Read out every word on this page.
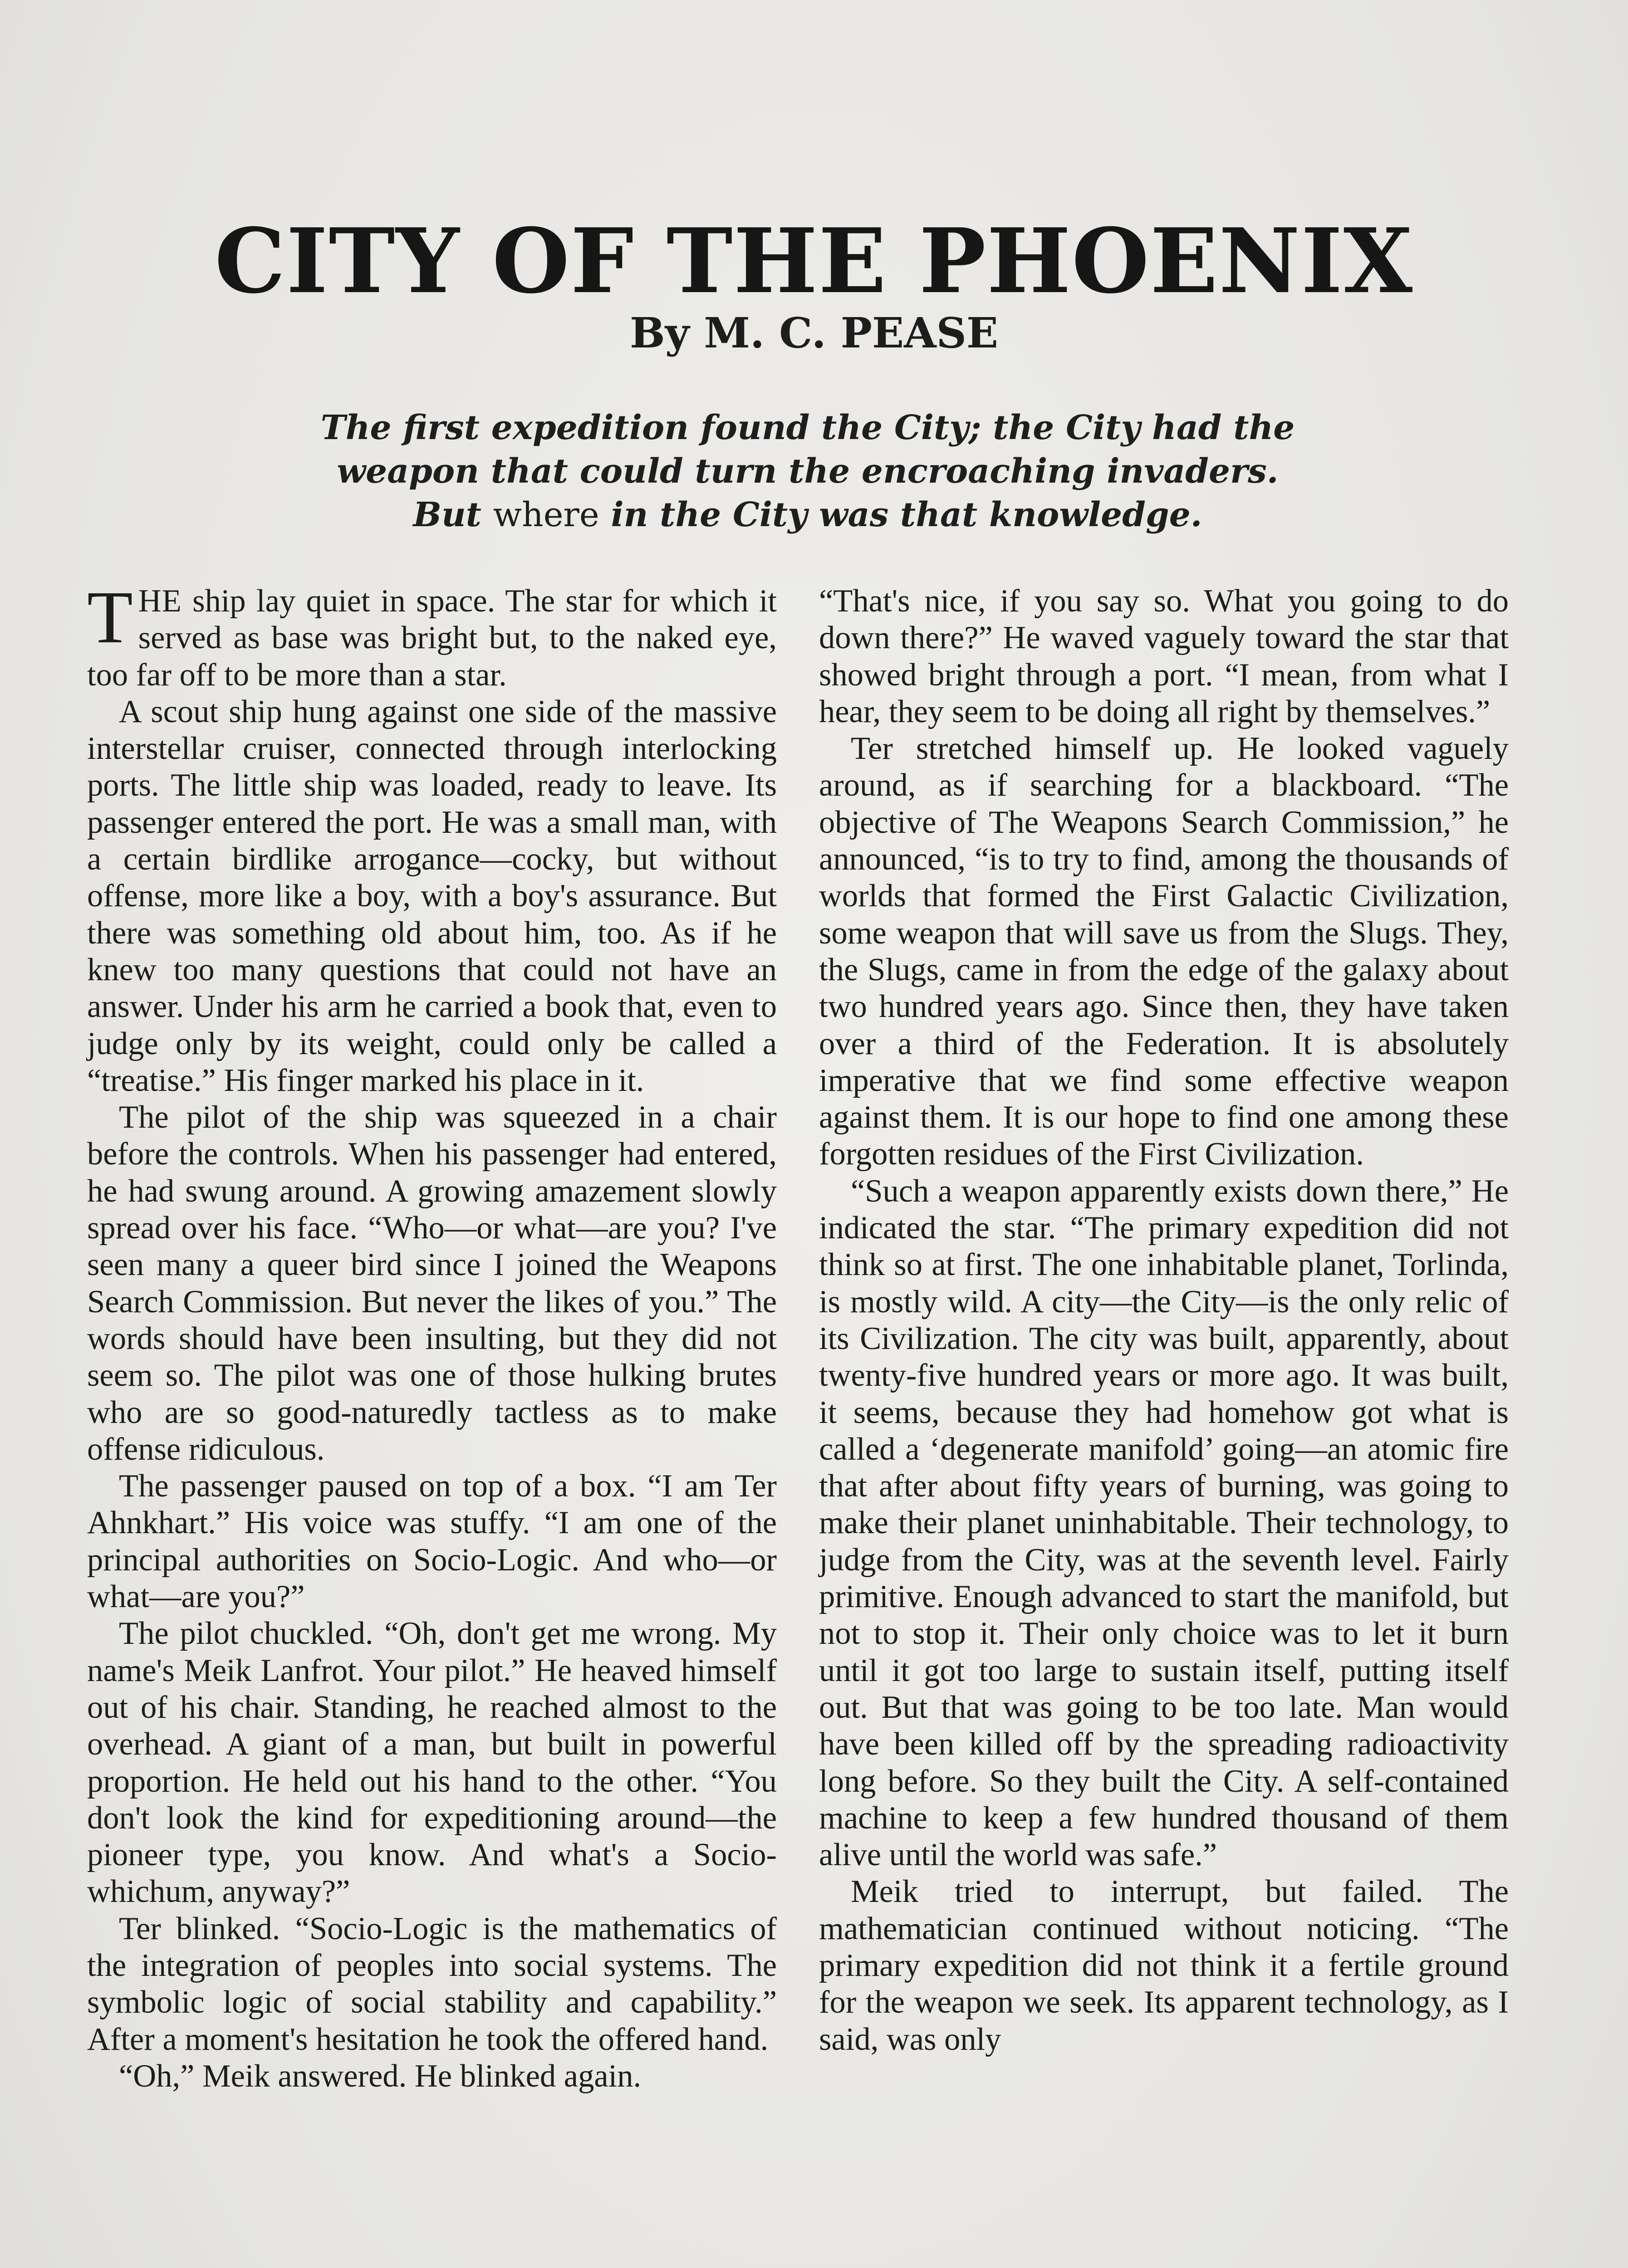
CITY OF THE PHOENIX
By M. C. PEASE
The first expedition found the City; the City had the
weapon that could turn the encroaching invaders.
But where in the City was that knowledge.

THE ship lay quiet in space. The star for which it served as base was bright but, to the naked eye, too far off to be more than a star.

A scout ship hung against one side of the massive interstellar cruiser, connected through interlocking ports. The little ship was loaded, ready to leave. Its passenger entered the port. He was a small man, with a certain birdlike arrogance—cocky, but without offense, more like a boy, with a boy's assurance. But there was something old about him, too. As if he knew too many questions that could not have an answer. Under his arm he carried a book that, even to judge only by its weight, could only be called a “treatise.” His finger marked his place in it.

The pilot of the ship was squeezed in a chair before the controls. When his passenger had entered, he had swung around. A growing amazement slowly spread over his face. “Who—or what—are you? I've seen many a queer bird since I joined the Weapons Search Commission. But never the likes of you.” The words should have been insulting, but they did not seem so. The pilot was one of those hulking brutes who are so good-naturedly tactless as to make offense ridiculous.

The passenger paused on top of a box. “I am Ter Ahnkhart.” His voice was stuffy. “I am one of the principal authorities on Socio-Logic. And who—or what—are you?”

The pilot chuckled. “Oh, don't get me wrong. My name's Meik Lanfrot. Your pilot.” He heaved himself out of his chair. Standing, he reached almost to the overhead. A giant of a man, but built in powerful proportion. He held out his hand to the other. “You don't look the kind for expeditioning around—the pioneer type, you know. And what's a Socio-whichum, anyway?”

Ter blinked. “Socio-Logic is the mathematics of the integration of peoples into social systems. The symbolic logic of social stability and capability.” After a moment's hesitation he took the offered hand.

“Oh,” Meik answered. He blinked again.

“That's nice, if you say so. What you going to do down there?” He waved vaguely toward the star that showed bright through a port. “I mean, from what I hear, they seem to be doing all right by themselves.”

Ter stretched himself up. He looked vaguely around, as if searching for a blackboard. “The objective of The Weapons Search Commission,” he announced, “is to try to find, among the thousands of worlds that formed the First Galactic Civilization, some weapon that will save us from the Slugs. They, the Slugs, came in from the edge of the galaxy about two hundred years ago. Since then, they have taken over a third of the Federation. It is absolutely imperative that we find some effective weapon against them. It is our hope to find one among these forgotten residues of the First Civilization.

“Such a weapon apparently exists down there,” He indicated the star. “The primary expedition did not think so at first. The one inhabitable planet, Torlinda, is mostly wild. A city—the City—is the only relic of its Civilization. The city was built, apparently, about twenty-five hundred years or more ago. It was built, it seems, because they had homehow got what is called a ‘degenerate manifold’ going—an atomic fire that after about fifty years of burning, was going to make their planet uninhabitable. Their technology, to judge from the City, was at the seventh level. Fairly primitive. Enough advanced to start the manifold, but not to stop it. Their only choice was to let it burn until it got too large to sustain itself, putting itself out. But that was going to be too late. Man would have been killed off by the spreading radioactivity long before. So they built the City. A self-contained machine to keep a few hundred thousand of them alive until the world was safe.”

Meik tried to interrupt, but failed. The mathematician continued without noticing. “The primary expedition did not think it a fertile ground for the weapon we seek. Its apparent technology, as I said, was only
